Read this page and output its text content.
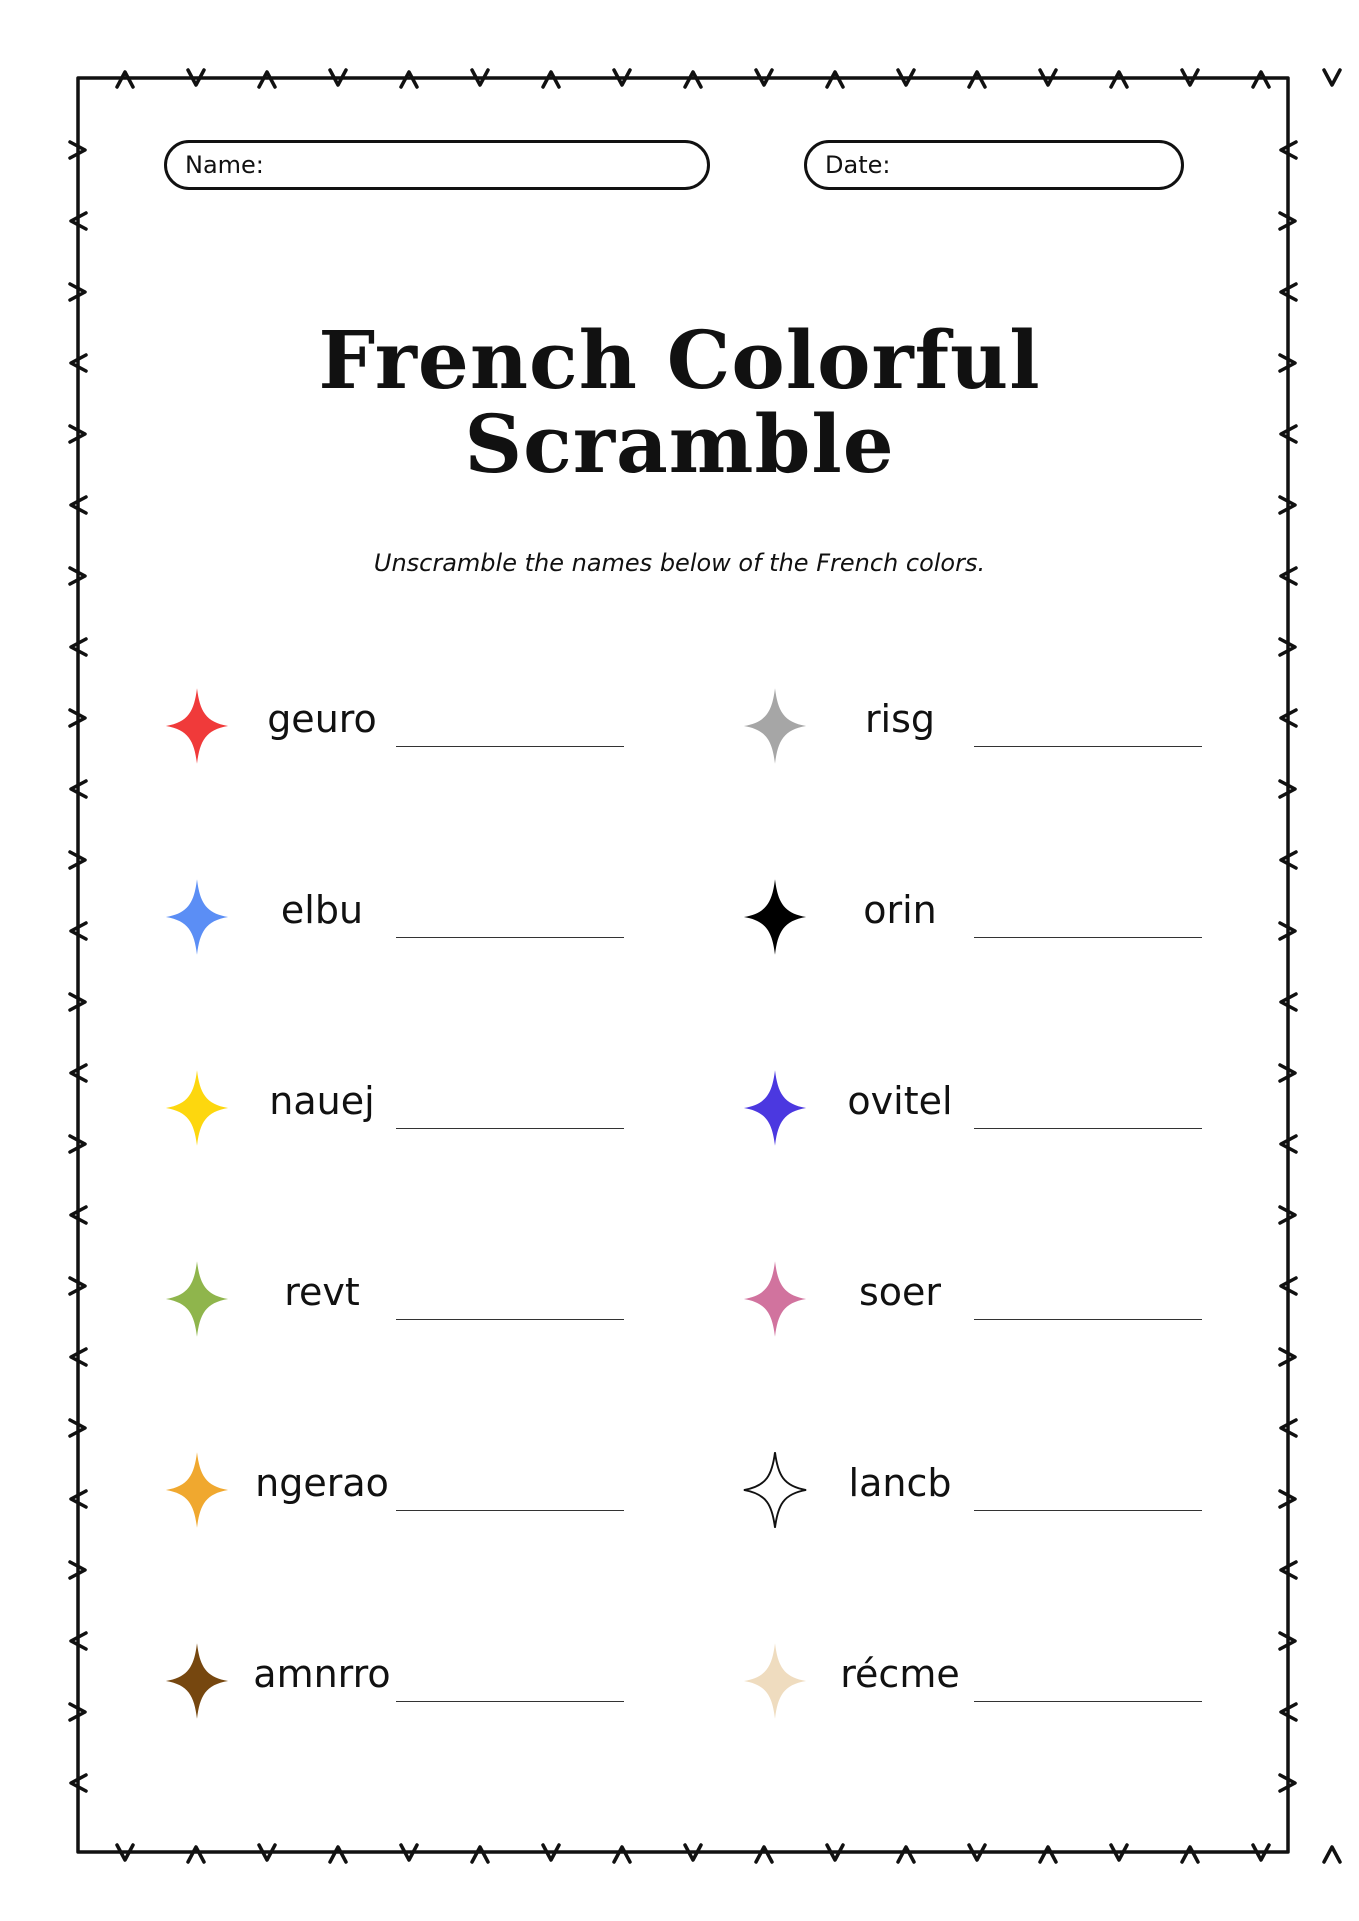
Name:	Date:
French Colorful
Scramble
Unscramble the names below of the French colors.
geuro	risg
elbu	orin
nauej	ovitel
revt	soer
ngerao	lancb
amnrro	récme
